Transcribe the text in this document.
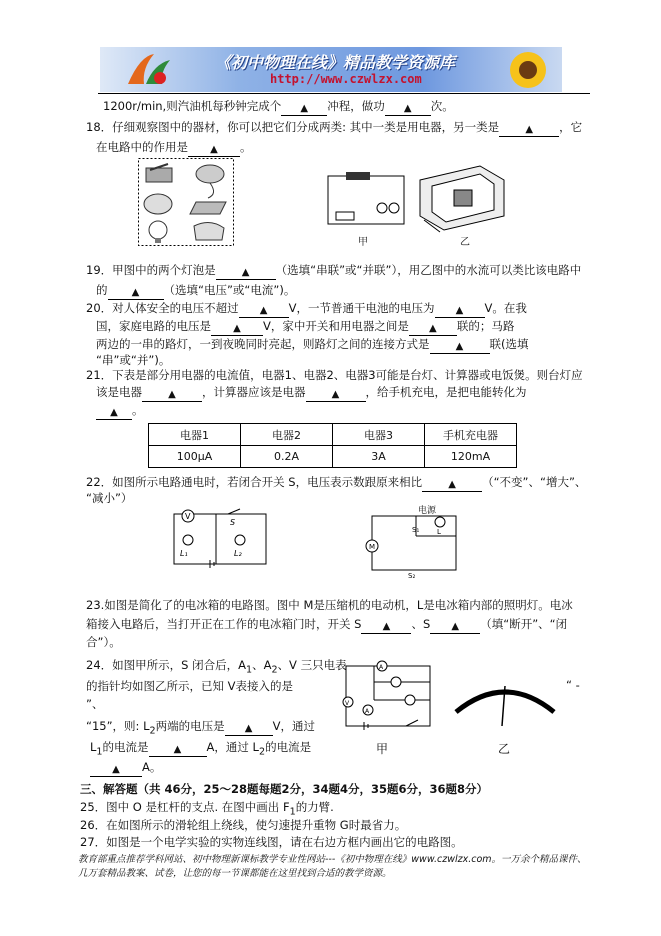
《初中物理在线》精品教学资源库
http://www.czwlzx.com
1200r/min,则汽油机每秒钟完成个 ▲ 冲程，做功 ▲ 次。
18．仔细观察图中的器材，你可以把它们分成两类: 其中一类是用电器，另一类是	▲ ，它
在电路中的作用是 ▲ 。
甲	乙
19．甲图中的两个灯泡是	▲ （选填“串联”或“并联”），用乙图中的水流可以类比该电路中
的 ▲ （选填“电压”或“电流”)。
20．对人体安全的电压不超过 ▲ V，一节普通干电池的电压为 ▲ V。在我
国，家庭电路的电压是 ▲ V，家中开关和用电器之间是 ▲ 联的；马路
两边的一串的路灯，一到夜晚同时亮起，则路灯之间的连接方式是	▲ 联(选填
“串”或“并”)。
21．下表是部分用电器的电流值，电器1、电器2、电器3可能是台灯、计算器或电饭煲。则台灯应
该是电器	▲ ，计算器应该是电器	▲ ，给手机充电，是把电能转化为
▲ 。
电器1	电器2	电器3	手机充电器
100μA	0.2A	3A	120mA
22．如图所示电路通电时，若闭合开关 S，电压表示数跟原来相比	▲ （“不变”、“增大”、
“减小”）
V
S
L₁	L₂
M
L
S₁
S₂
电源
23.如图是简化了的电冰箱的电路图。图中 M是压缩机的电动机，L是电冰箱内部的照明灯。电冰
箱接入电路后，当打开正在工作的电冰箱门时，开关 S ▲ 、S ▲ （填“断开”、“闭
合”）。
24．如图甲所示，S 闭合后，$A_1$、$A_2$、V 三只电表
的指针均如图乙所示，已知 V表接入的是	“ -
”、
“15”，则: $L_2$两端的电压是 ▲ V，通过
$L_1$的电流是	▲ A，通过 $L_2$的电流是
▲ A。
A
V
A
甲	乙
三、解答题（共 46分，25～28题每题2分，34题4分，35题6分，36题8分）
25．图中 O 是杠杆的支点. 在图中画出 $F_1$的力臂.
26．在如图所示的滑轮组上绕线，使匀速提升重物 G时最省力。
27．如图是一个电学实验的实物连线图，请在右边方框内画出它的电路图。
教育部重点推荐学科网站、初中物理新课标教学专业性网站---《初中物理在线》www.czwlzx.com。一万余个精品课件、几万套精品教案、试卷，让您的每一节课都能在这里找到合适的教学资源。
